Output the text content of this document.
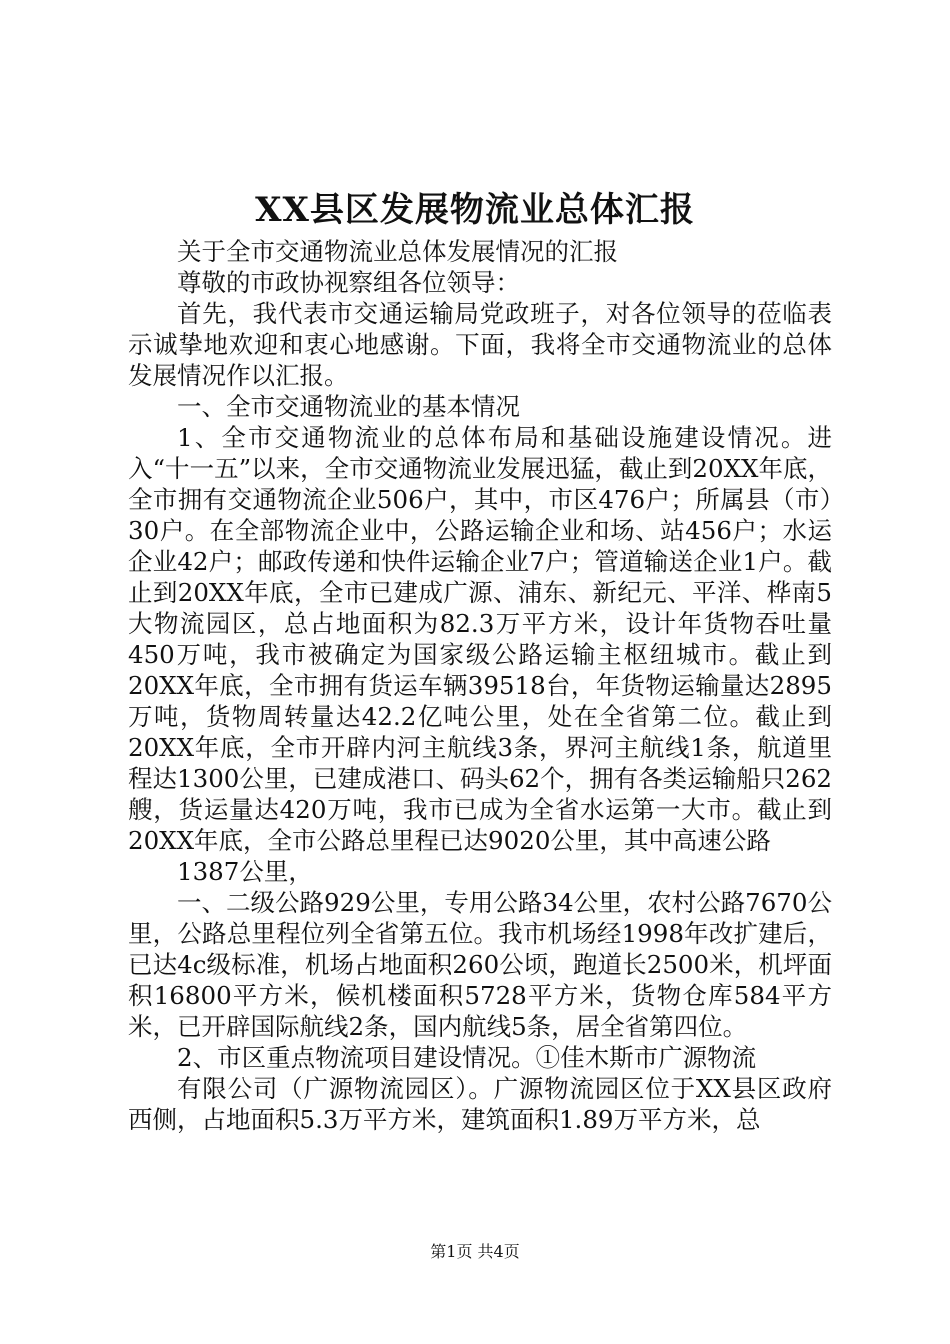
XX县区发展物流业总体汇报

关于全市交通物流业总体发展情况的汇报

尊敬的市政协视察组各位领导：

首先，我代表市交通运输局党政班子，对各位领导的莅临表示诚挚地欢迎和衷心地感谢。下面，我将全市交通物流业的总体发展情况作以汇报。

一、全市交通物流业的基本情况

1、全市交通物流业的总体布局和基础设施建设情况。进入“十一五”以来，全市交通物流业发展迅猛，截止到20XX年底，全市拥有交通物流企业506户，其中，市区476户；所属县（市）30户。在全部物流企业中，公路运输企业和场、站456户；水运企业42户；邮政传递和快件运输企业7户；管道输送企业1户。截止到20XX年底，全市已建成广源、浦东、新纪元、平洋、桦南5大物流园区，总占地面积为82.3万平方米，设计年货物吞吐量450万吨，我市被确定为国家级公路运输主枢纽城市。截止到20XX年底，全市拥有货运车辆39518台，年货物运输量达2895万吨，货物周转量达42.2亿吨公里，处在全省第二位。截止到20XX年底，全市开辟内河主航线3条，界河主航线1条，航道里程达1300公里，已建成港口、码头62个，拥有各类运输船只262艘，货运量达420万吨，我市已成为全省水运第一大市。截止到20XX年底，全市公路总里程已达9020公里，其中高速公路

1387公里，

一、二级公路929公里，专用公路34公里，农村公路7670公里，公路总里程位列全省第五位。我市机场经1998年改扩建后，已达4c级标准，机场占地面积260公顷，跑道长2500米，机坪面积16800平方米，候机楼面积5728平方米，货物仓库584平方米，已开辟国际航线2条，国内航线5条，居全省第四位。

2、市区重点物流项目建设情况。①佳木斯市广源物流

有限公司（广源物流园区）。广源物流园区位于XX县区政府西侧，占地面积5.3万平方米，建筑面积1.89万平方米，总

第1页 共4页
